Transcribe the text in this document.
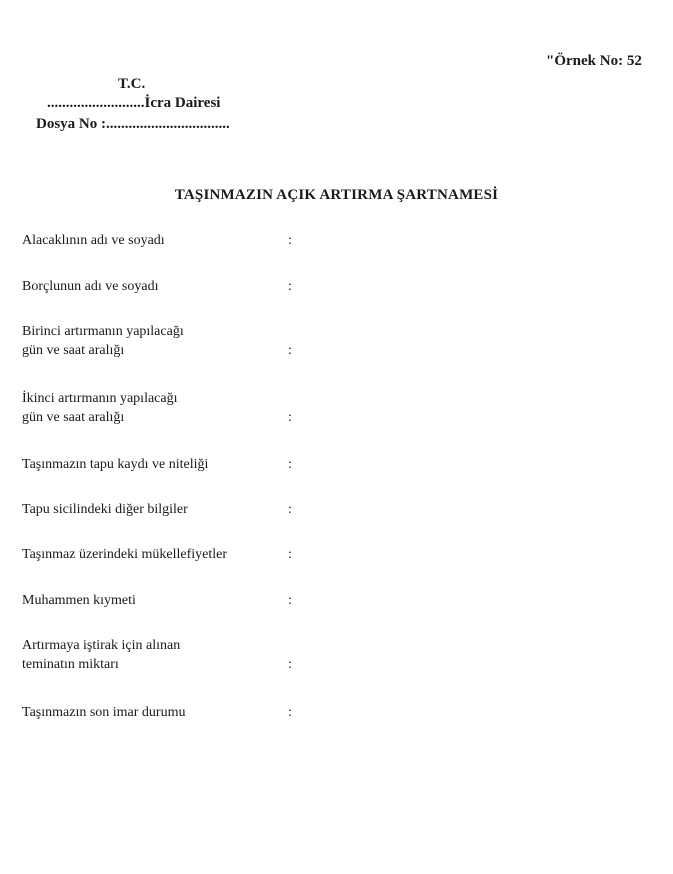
"Örnek No: 52
T.C.
..........................İcra Dairesi
Dosya No :.................................
TAŞINMAZIN AÇIK ARTIRMA ŞARTNAMESİ
Alacaklının adı ve soyadı	:
Borçlunun adı ve soyadı	:
Birinci artırmanın yapılacağı
gün ve saat aralığı	:
İkinci artırmanın yapılacağı
gün ve saat aralığı	:
Taşınmazın tapu kaydı ve niteliği	:
Tapu sicilindeki diğer bilgiler	:
Taşınmaz üzerindeki mükellefiyetler	:
Muhammen kıymeti	:
Artırmaya iştirak için alınan
teminatın miktarı	:
Taşınmazın son imar durumu	:
